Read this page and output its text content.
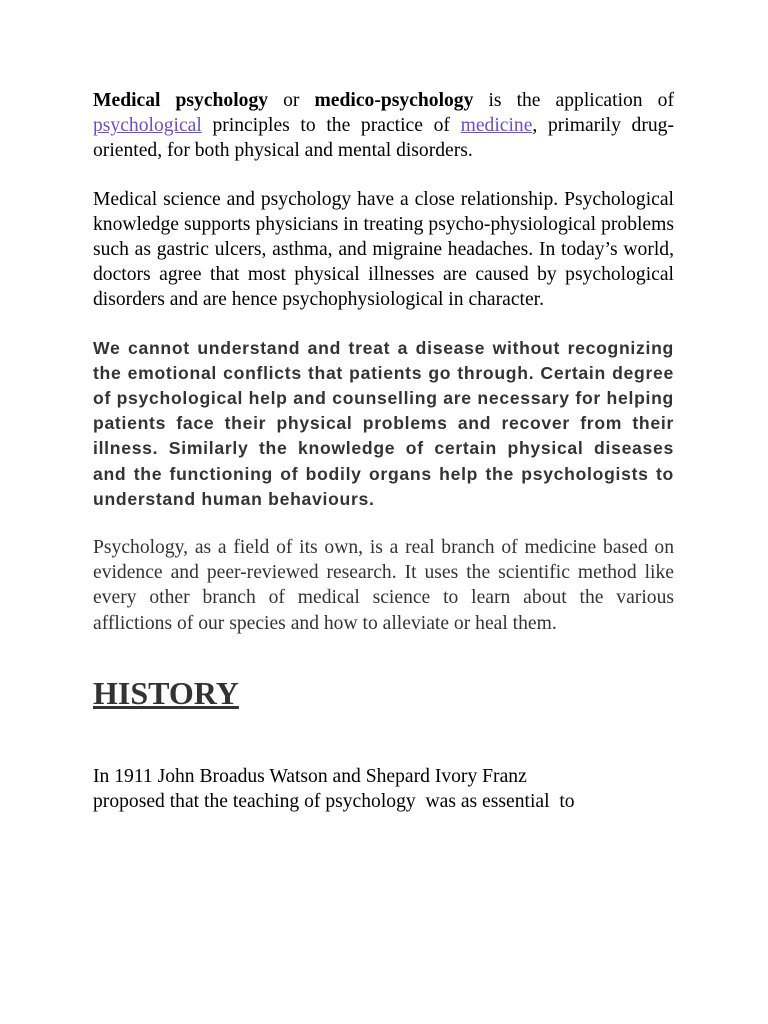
Medical psychology or medico-psychology is the application of psychological principles to the practice of medicine, primarily drug-oriented, for both physical and mental disorders.

Medical science and psychology have a close relationship. Psychological knowledge supports physicians in treating psycho-physiological problems such as gastric ulcers, asthma, and migraine headaches. In today’s world, doctors agree that most physical illnesses are caused by psychological disorders and are hence psychophysiological in character.

We cannot understand and treat a disease without recognizing the emotional conflicts that patients go through. Certain degree of psychological help and counselling are necessary for helping patients face their physical problems and recover from their illness. Similarly the knowledge of certain physical diseases and the functioning of bodily organs help the psychologists to understand human behaviours.

Psychology, as a field of its own, is a real branch of medicine based on evidence and peer-reviewed research. It uses the scientific method like every other branch of medical science to learn about the various afflictions of our species and how to alleviate or heal them.

HISTORY

In 1911 John Broadus Watson and Shepard Ivory Franz
proposed that the teaching of psychology  was as essential  to
